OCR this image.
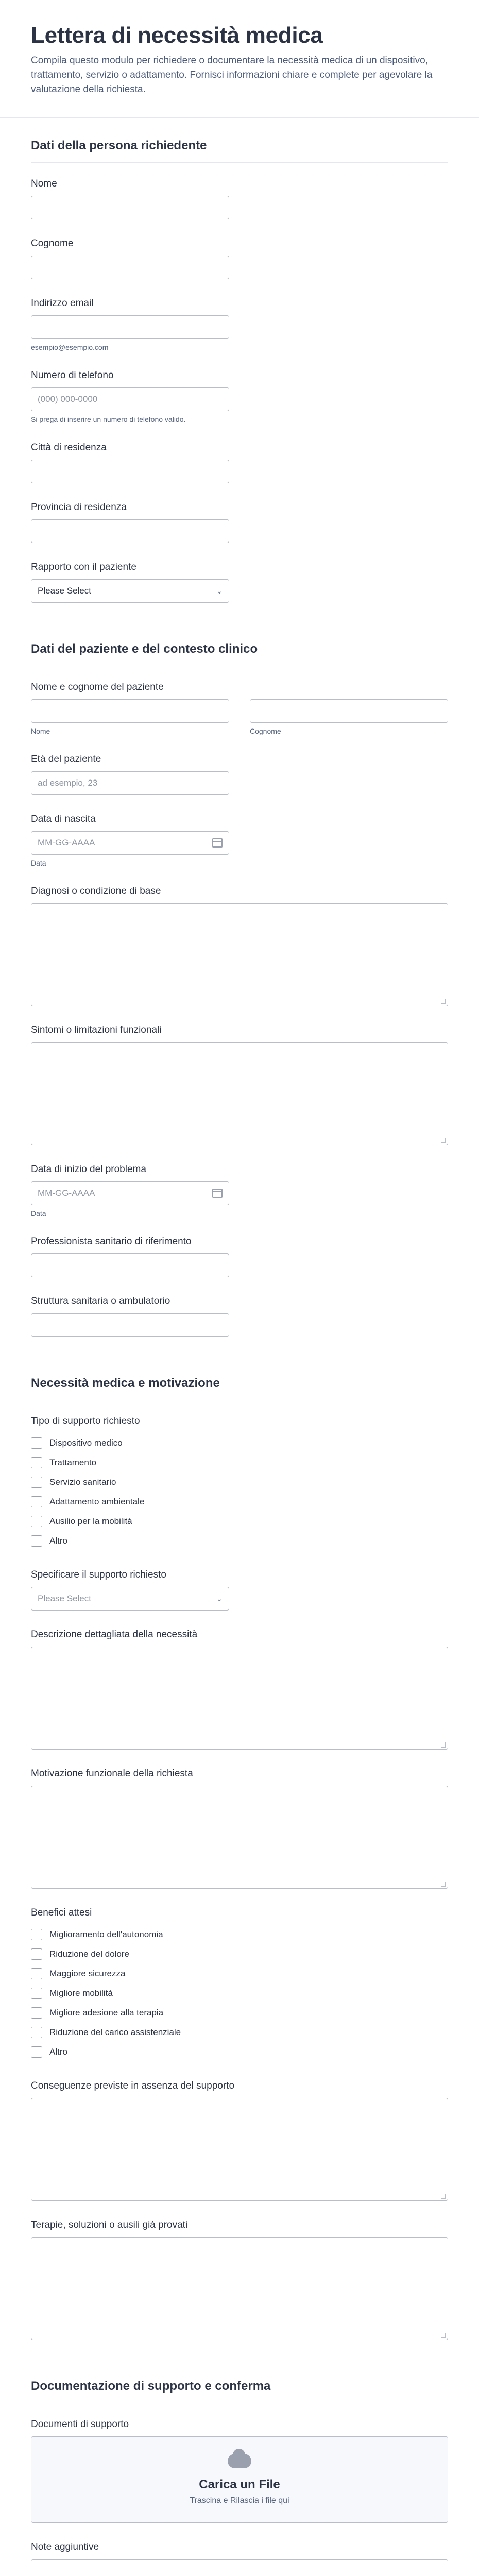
Lettera di necessità medica

Compila questo modulo per richiedere o documentare la necessità medica di un dispositivo, trattamento, servizio o adattamento. Fornisci informazioni chiare e complete per agevolare la valutazione della richiesta.

Dati della persona richiedente
Nome
Cognome
Indirizzo email
esempio@esempio.com
Numero di telefono
(000) 000-0000
Si prega di inserire un numero di telefono valido.
Città di residenza
Provincia di residenza
Rapporto con il paziente
Please Select	⌄
Dati del paziente e del contesto clinico
Nome e cognome del paziente
Nome	Cognome
Età del paziente
ad esempio, 23
Data di nascita
MM-GG-AAAA
Data
Diagnosi o condizione di base
Sintomi o limitazioni funzionali
Data di inizio del problema
MM-GG-AAAA
Data
Professionista sanitario di riferimento
Struttura sanitaria o ambulatorio
Necessità medica e motivazione
Tipo di supporto richiesto
Dispositivo medico
Trattamento
Servizio sanitario
Adattamento ambientale
Ausilio per la mobilità
Altro
Specificare il supporto richiesto
Please Select	⌄
Descrizione dettagliata della necessità
Motivazione funzionale della richiesta
Benefici attesi
Miglioramento dell'autonomia
Riduzione del dolore
Maggiore sicurezza
Migliore mobilità
Migliore adesione alla terapia
Riduzione del carico assistenziale
Altro
Conseguenze previste in assenza del supporto
Terapie, soluzioni o ausili già provati
Documentazione di supporto e conferma
Documenti di supporto
Carica un File
Trascina e Rilascia i file qui
Note aggiuntive
